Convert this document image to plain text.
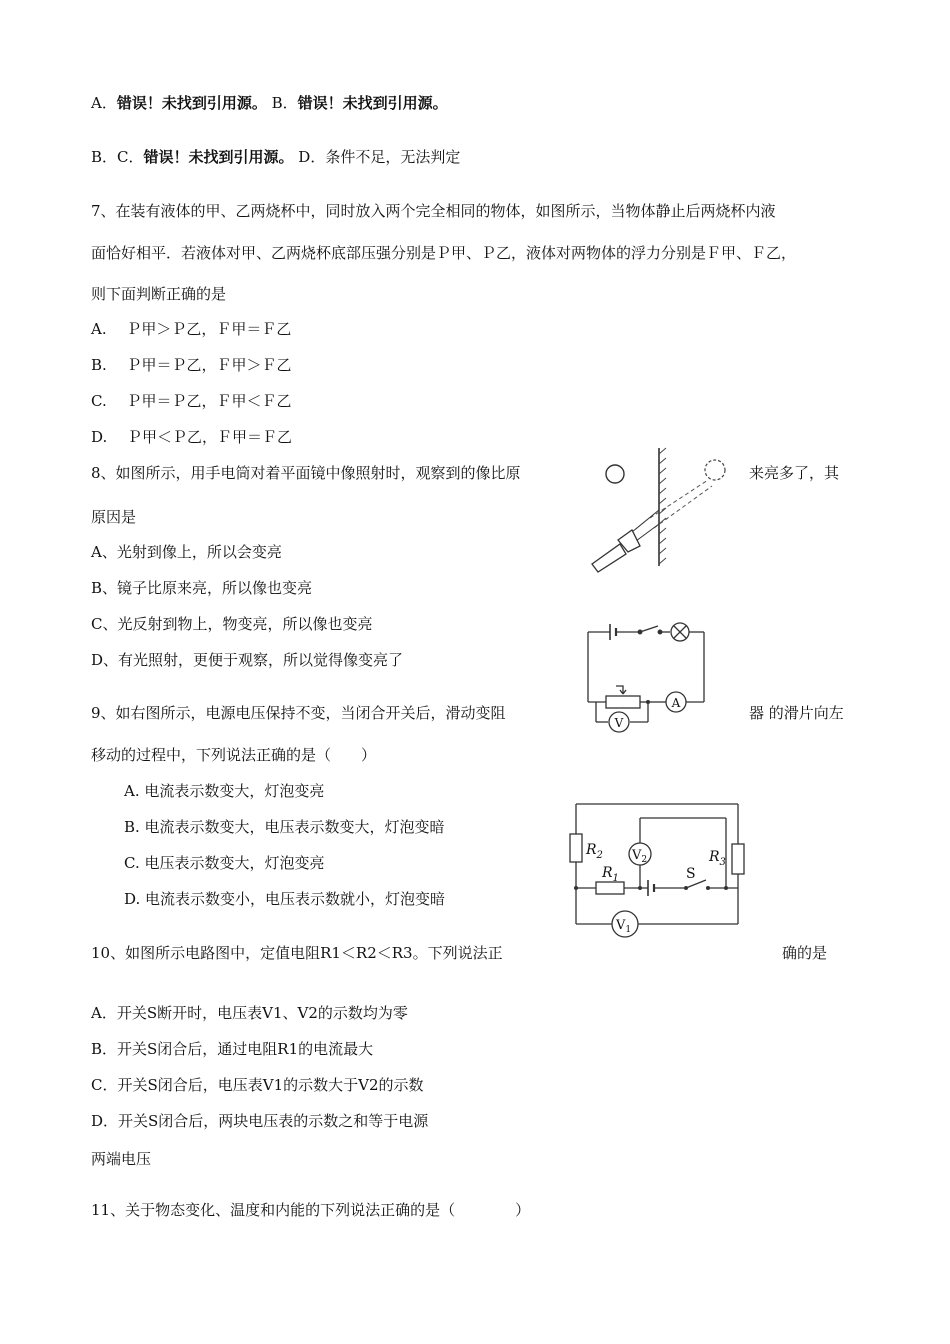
A．错误！未找到引用源。 B．错误！未找到引用源。
B．C．错误！未找到引用源。 D．条件不足，无法判定
7、在装有液体的甲、乙两烧杯中，同时放入两个完全相同的物体，如图所示，当物体静止后两烧杯内液
面恰好相平．若液体对甲、乙两烧杯底部压强分别是Ｐ甲、Ｐ乙，液体对两物体的浮力分别是Ｆ甲、Ｆ乙，
则下面判断正确的是
A.　 Ｐ甲＞Ｐ乙，Ｆ甲＝Ｆ乙
B.　 Ｐ甲＝Ｐ乙，Ｆ甲＞Ｆ乙
C.　 Ｐ甲＝Ｐ乙，Ｆ甲＜Ｆ乙
D.　 Ｐ甲＜Ｐ乙，Ｆ甲＝Ｆ乙
8、如图所示，用手电筒对着平面镜中像照射时，观察到的像比原	来亮多了，其
原因是
A、光射到像上，所以会变亮
B、镜子比原来亮，所以像也变亮
C、光反射到物上，物变亮，所以像也变亮
D、有光照射，更便于观察，所以觉得像变亮了
9、如右图所示，电源电压保持不变，当闭合开关后，滑动变阻	器 的滑片向左
移动的过程中，下列说法正确的是（　　）
A. 电流表示数变大，灯泡变亮
B. 电流表示数变大，电压表示数变大，灯泡变暗
C. 电压表示数变大，灯泡变亮
D. 电流表示数变小，电压表示数就小，灯泡变暗
A
V
10、如图所示电路图中，定值电阻R1＜R2＜R3。下列说法正	确的是
A．开关S断开时，电压表V1、V2的示数均为零
B．开关S闭合后，通过电阻R1的电流最大
C．开关S闭合后，电压表V1的示数大于V2的示数
D．开关S闭合后，两块电压表的示数之和等于电源
两端电压
$R_2$
$R_1$
$R_3$
S
$V_2$
$V_1$
11、关于物态变化、温度和内能的下列说法正确的是（　　　　）
